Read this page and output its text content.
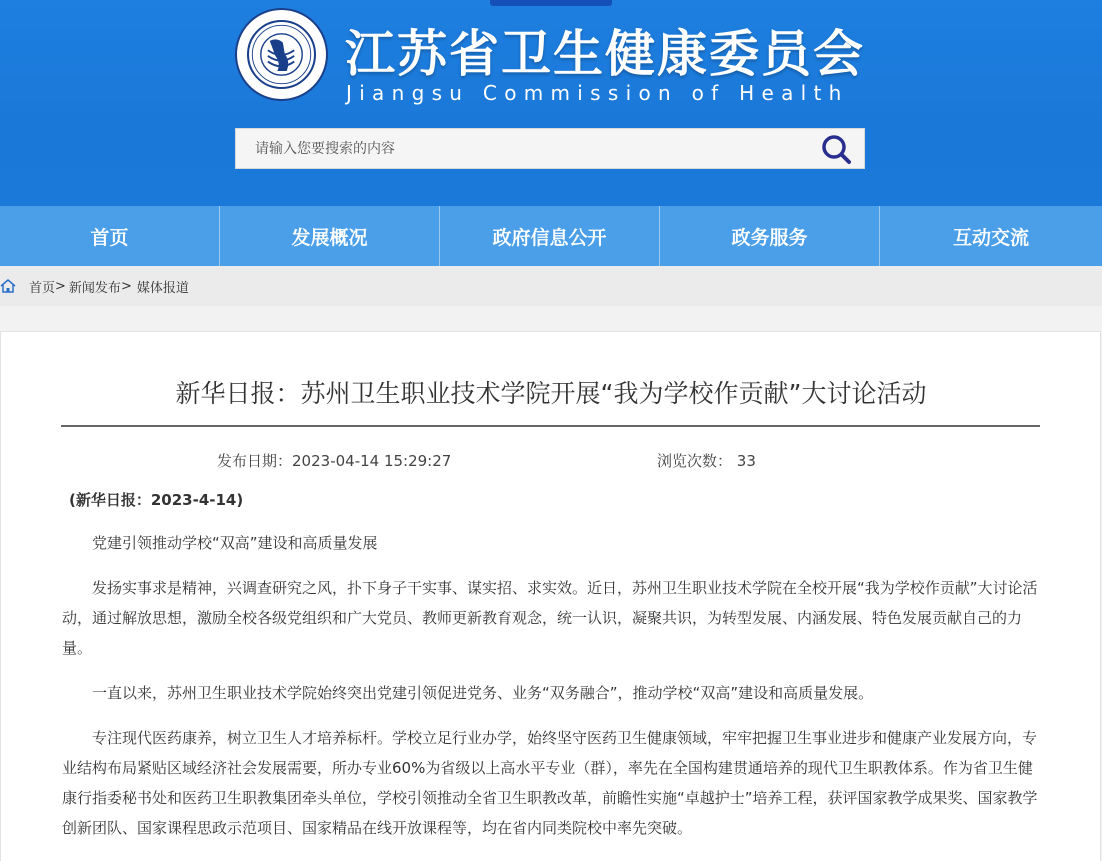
江苏省卫生健康委员会
Jiangsu Commission of Health
请输入您要搜索的内容
首页	发展概况	政府信息公开	政务服务	互动交流
首页 > 新闻发布 > 媒体报道
新华日报：苏州卫生职业技术学院开展“我为学校作贡献”大讨论活动
发布日期：2023-04-14 15:29:27	浏览次数： 33
(新华日报：2023-4-14)

党建引领推动学校“双高”建设和高质量发展

发扬实事求是精神，兴调查研究之风，扑下身子干实事、谋实招、求实效。近日，苏州卫生职业技术学院在全校开展“我为学校作贡献”大讨论活动，通过解放思想，激励全校各级党组织和广大党员、教师更新教育观念，统一认识，凝聚共识，为转型发展、内涵发展、特色发展贡献自己的力量。

一直以来，苏州卫生职业技术学院始终突出党建引领促进党务、业务“双务融合”，推动学校“双高”建设和高质量发展。

专注现代医药康养，树立卫生人才培养标杆。学校立足行业办学，始终坚守医药卫生健康领域，牢牢把握卫生事业进步和健康产业发展方向，专业结构布局紧贴区域经济社会发展需要，所办专业60%为省级以上高水平专业（群），率先在全国构建贯通培养的现代卫生职教体系。作为省卫生健康行指委秘书处和医药卫生职教集团牵头单位，学校引领推动全省卫生职教改革，前瞻性实施“卓越护士”培养工程，获评国家教学成果奖、国家教学创新团队、国家课程思政示范项目、国家精品在线开放课程等，均在省内同类院校中率先突破。
